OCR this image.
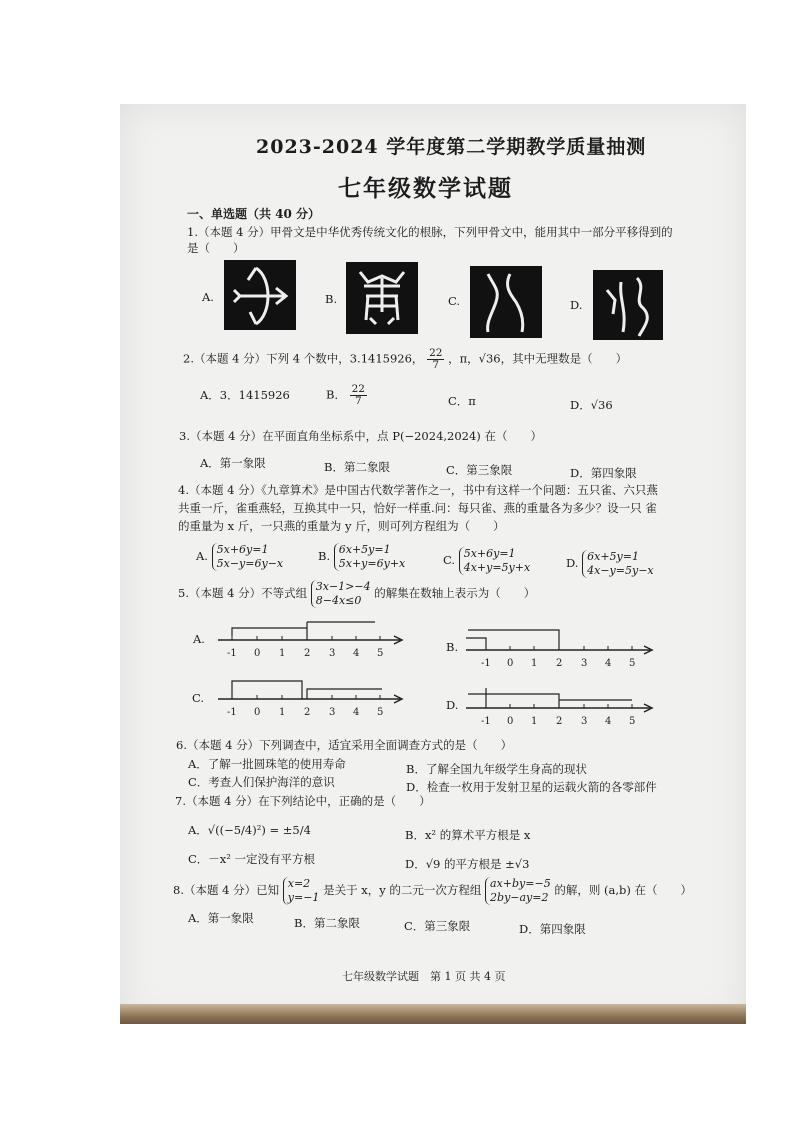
2023-2024 学年度第二学期教学质量抽测
七年级数学试题
一、单选题（共 40 分）
1.（本题 4 分）甲骨文是中华优秀传统文化的根脉，下列甲骨文中，能用其中一部分平移得到的
是（　　）
A.	B.	C.	D.
2.（本题 4 分）下列 4 个数中，3.1415926， $\frac{22}{7}$ ，π，√36，其中无理数是（　　）
A．3．1415926	B． $\frac{22}{7}$	C．π	D．√36
3.（本题 4 分）在平面直角坐标系中，点 P(−2024,2024) 在（　　）
A．第一象限	B．第二象限	C．第三象限	D．第四象限
4.（本题 4 分）《九章算术》是中国古代数学著作之一，书中有这样一个问题：五只雀、六只燕
共重一斤，雀重燕轻，互换其中一只，恰好一样重.问：每只雀、燕的重量各为多少？设一只 雀
的重量为 x 斤，一只燕的重量为 y 斤，则可列方程组为（　　）
A. 5x+6y=1
5x−y=6y−x
B. 6x+5y=1
5x+y=6y+x	C. 5x+6y=1
4x+y=5y+x	D. 6x+5y=1
4x−y=5y−x
5.（本题 4 分）不等式组 3x−1>−4
8−4x≤0
的解集在数轴上表示为（　　）
A.
-1 0 1 2 3 4 5	B.
-1 0 1 2 3 4 5
C.
-1 0 1 2 3 4 5
D.
-1 0 1 2 3 4 5
6.（本题 4 分）下列调查中，适宜采用全面调查方式的是（　　）
A．了解一批圆珠笔的使用寿命	B．了解全国九年级学生身高的现状
C．考查人们保护海洋的意识	D．检查一枚用于发射卫星的运载火箭的各零部件
7.（本题 4 分）在下列结论中，正确的是（　　）
A．√((−5/4)²) = ±5/4	B．x² 的算术平方根是 x
C．－x² 一定没有平方根	D．√9 的平方根是 ±√3
8.（本题 4 分）已知 x=2
y=−1
是关于 x，y 的二元一次方程组 ax+by=−5
2by−ay=2
的解，则 (a,b) 在（　　）
A．第一象限	B．第二象限	C．第三象限	D．第四象限
七年级数学试题　第 1 页 共 4 页
